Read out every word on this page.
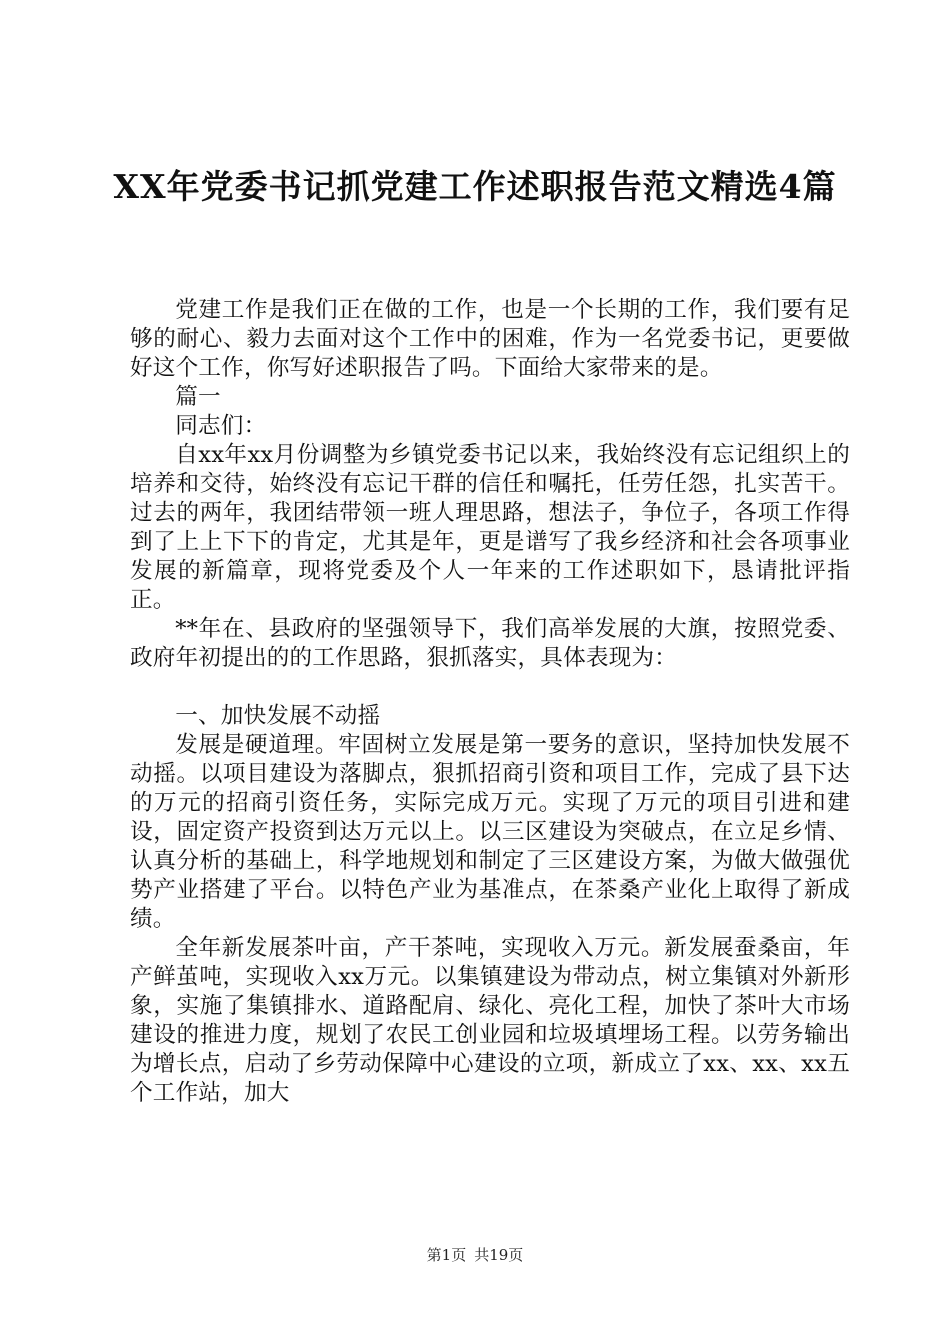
XX年党委书记抓党建工作述职报告范文精选4篇

党建工作是我们正在做的工作，也是一个长期的工作，我们要有足够的耐心、毅力去面对这个工作中的困难，作为一名党委书记，更要做好这个工作，你写好述职报告了吗。下面给大家带来的是。

篇一

同志们：

自xx年xx月份调整为乡镇党委书记以来，我始终没有忘记组织上的培养和交待，始终没有忘记干群的信任和嘱托，任劳任怨，扎实苦干。过去的两年，我团结带领一班人理思路，想法子，争位子，各项工作得到了上上下下的肯定，尤其是年，更是谱写了我乡经济和社会各项事业发展的新篇章，现将党委及个人一年来的工作述职如下，恳请批评指正。

**年在、县政府的坚强领导下，我们高举发展的大旗，按照党委、政府年初提出的的工作思路，狠抓落实，具体表现为：

一、加快发展不动摇

发展是硬道理。牢固树立发展是第一要务的意识，坚持加快发展不动摇。以项目建设为落脚点，狠抓招商引资和项目工作，完成了县下达的万元的招商引资任务，实际完成万元。实现了万元的项目引进和建设，固定资产投资到达万元以上。以三区建设为突破点，在立足乡情、认真分析的基础上，科学地规划和制定了三区建设方案，为做大做强优势产业搭建了平台。以特色产业为基准点，在茶桑产业化上取得了新成绩。

全年新发展茶叶亩，产干茶吨，实现收入万元。新发展蚕桑亩，年产鲜茧吨，实现收入xx万元。以集镇建设为带动点，树立集镇对外新形象，实施了集镇排水、道路配肩、绿化、亮化工程，加快了茶叶大市场建设的推进力度，规划了农民工创业园和垃圾填埋场工程。以劳务输出为增长点，启动了乡劳动保障中心建设的立项，新成立了xx、xx、xx五个工作站，加大

第1页 共19页
